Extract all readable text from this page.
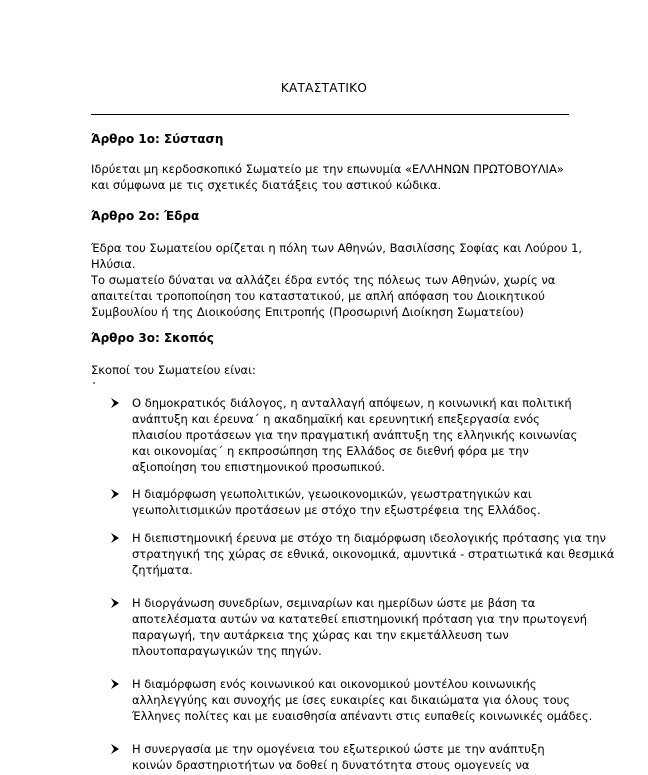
ΚΑΤΑΣΤΑΤΙΚΟ
Άρθρο 1ο: Σύσταση
Ιδρύεται μη κερδοσκοπικό Σωματείο με την επωνυμία «ΕΛΛΗΝΩΝ ΠΡΩΤΟΒΟΥΛΙΑ»
και σύμφωνα με τις σχετικές διατάξεις του αστικού κώδικα.
Άρθρο 2ο: Έδρα
Έδρα του Σωματείου ορίζεται η πόλη των Αθηνών, Βασιλίσσης Σοφίας και Λούρου 1,
Ηλύσια.
Το σωματείο δύναται να αλλάζει έδρα εντός της πόλεως των Αθηνών, χωρίς να
απαιτείται τροποποίηση του καταστατικού, με απλή απόφαση του Διοικητικού
Συμβουλίου ή της Διοικούσης Επιτροπής (Προσωρινή Διοίκηση Σωματείου)
Άρθρο 3ο: Σκοπός
Σκοποί του Σωματείου είναι:
Ο δημοκρατικός διάλογος, η ανταλλαγή απόψεων, η κοινωνική και πολιτική
ανάπτυξη και έρευνα΄ η ακαδημαϊκή και ερευνητική επεξεργασία ενός
πλαισίου προτάσεων για την πραγματική ανάπτυξη της ελληνικής κοινωνίας
και οικονομίας΄ η εκπροσώπηση της Ελλάδος σε διεθνή φόρα με την
αξιοποίηση του επιστημονικού προσωπικού.
Η διαμόρφωση γεωπολιτικών, γεωοικονομικών, γεωστρατηγικών και
γεωπολιτισμικών προτάσεων με στόχο την εξωστρέφεια της Ελλάδος.
Η διεπιστημονική έρευνα με στόχο τη διαμόρφωση ιδεολογικής πρότασης για την
στρατηγική της χώρας σε εθνικά, οικονομικά, αμυντικά - στρατιωτικά και θεσμικά
ζητήματα.
Η διοργάνωση συνεδρίων, σεμιναρίων και ημερίδων ώστε με βάση τα
αποτελέσματα αυτών να κατατεθεί επιστημονική πρόταση για την πρωτογενή
παραγωγή, την αυτάρκεια της χώρας και την εκμετάλλευση των
πλουτοπαραγωγικών της πηγών.
Η διαμόρφωση ενός κοινωνικού και οικονομικού μοντέλου κοινωνικής
αλληλεγγύης και συνοχής με ίσες ευκαιρίες και δικαιώματα για όλους τους
Έλληνες πολίτες και με ευαισθησία απέναντι στις ευπαθείς κοινωνικές ομάδες.
Η συνεργασία με την ομογένεια του εξωτερικού ώστε με την ανάπτυξη
κοινών δραστηριοτήτων να δοθεί η δυνατότητα στους ομογενείς να
